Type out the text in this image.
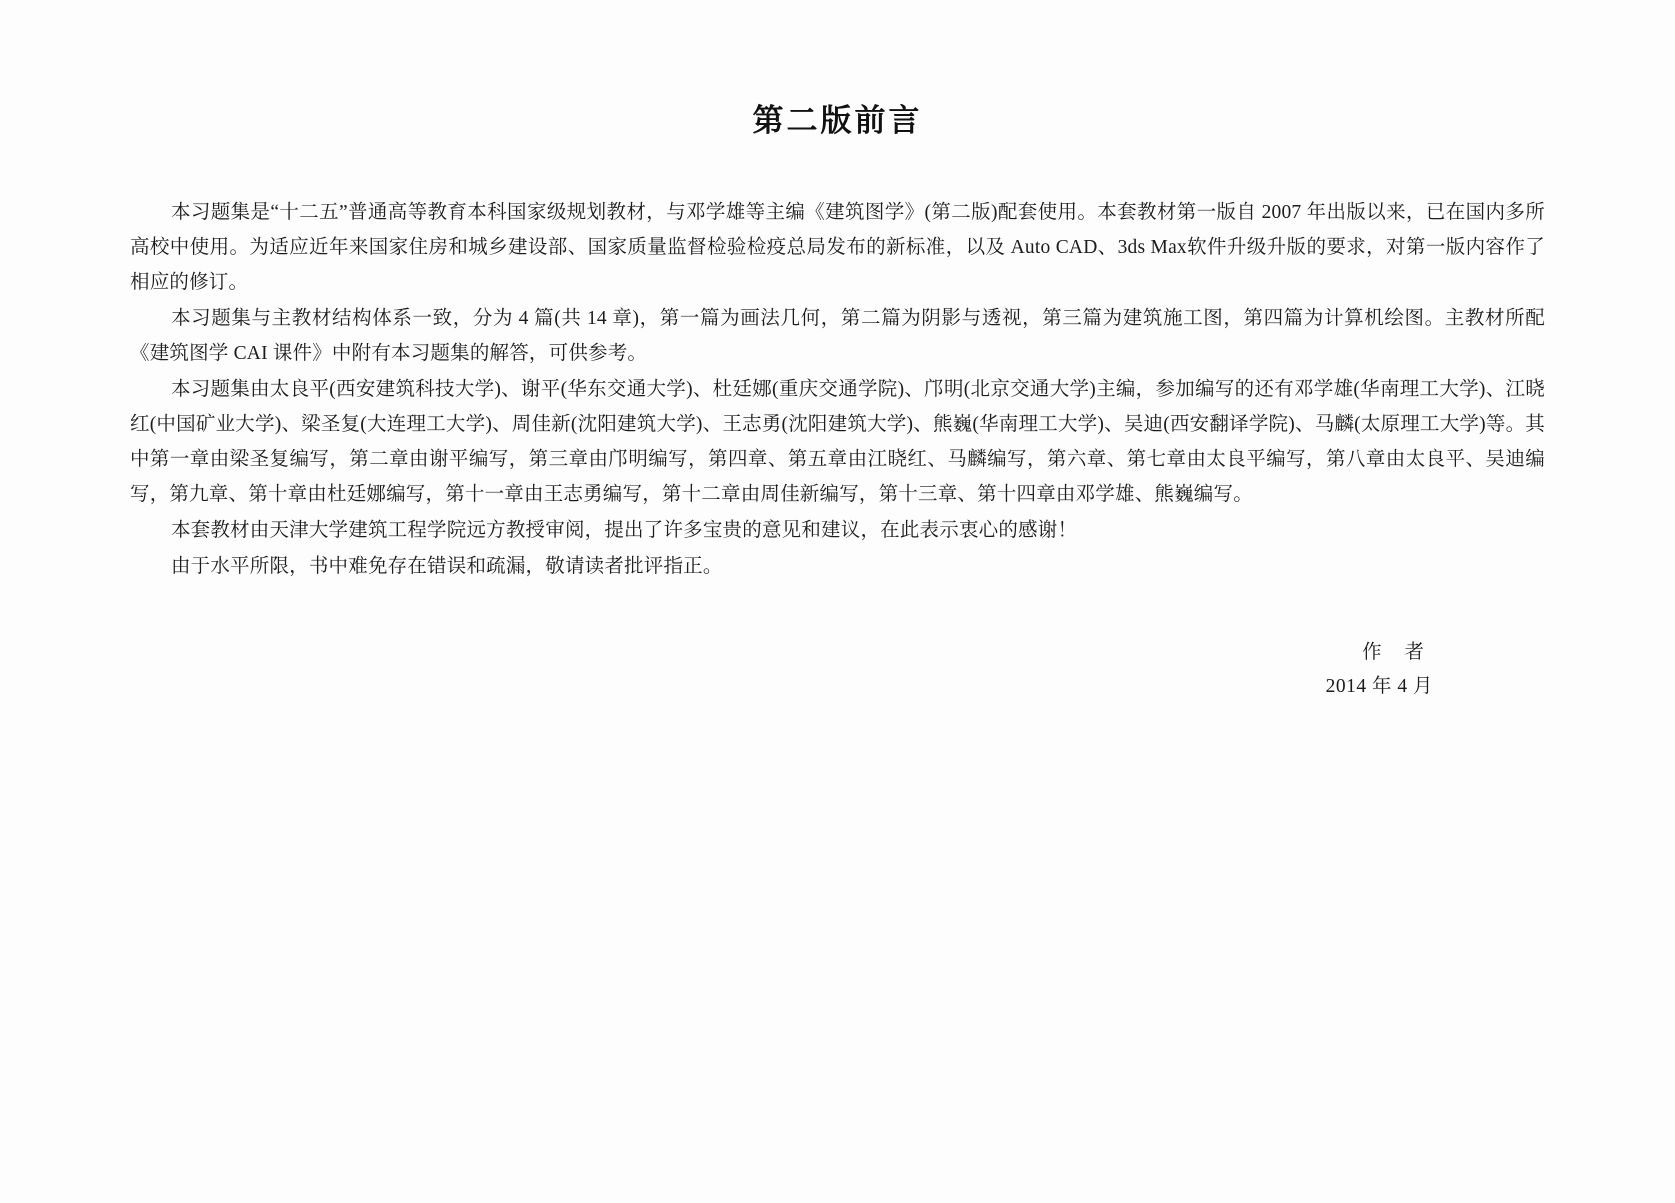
第二版前言

本习题集是“十二五”普通高等教育本科国家级规划教材，与邓学雄等主编《建筑图学》(第二版)配套使用。本套教材第一版自 2007 年出版以来，已在国内多所高校中使用。为适应近年来国家住房和城乡建设部、国家质量监督检验检疫总局发布的新标准，以及 Auto CAD、3ds Max软件升级升版的要求，对第一版内容作了相应的修订。

本习题集与主教材结构体系一致，分为 4 篇(共 14 章)，第一篇为画法几何，第二篇为阴影与透视，第三篇为建筑施工图，第四篇为计算机绘图。主教材所配《建筑图学 CAI 课件》中附有本习题集的解答，可供参考。

本习题集由太良平(西安建筑科技大学)、谢平(华东交通大学)、杜廷娜(重庆交通学院)、邝明(北京交通大学)主编，参加编写的还有邓学雄(华南理工大学)、江晓红(中国矿业大学)、梁圣复(大连理工大学)、周佳新(沈阳建筑大学)、王志勇(沈阳建筑大学)、熊巍(华南理工大学)、吴迪(西安翻译学院)、马麟(太原理工大学)等。其中第一章由梁圣复编写，第二章由谢平编写，第三章由邝明编写，第四章、第五章由江晓红、马麟编写，第六章、第七章由太良平编写，第八章由太良平、吴迪编写，第九章、第十章由杜廷娜编写，第十一章由王志勇编写，第十二章由周佳新编写，第十三章、第十四章由邓学雄、熊巍编写。

本套教材由天津大学建筑工程学院远方教授审阅，提出了许多宝贵的意见和建议，在此表示衷心的感谢！

由于水平所限，书中难免存在错误和疏漏，敬请读者批评指正。

作 者
2014 年 4 月
